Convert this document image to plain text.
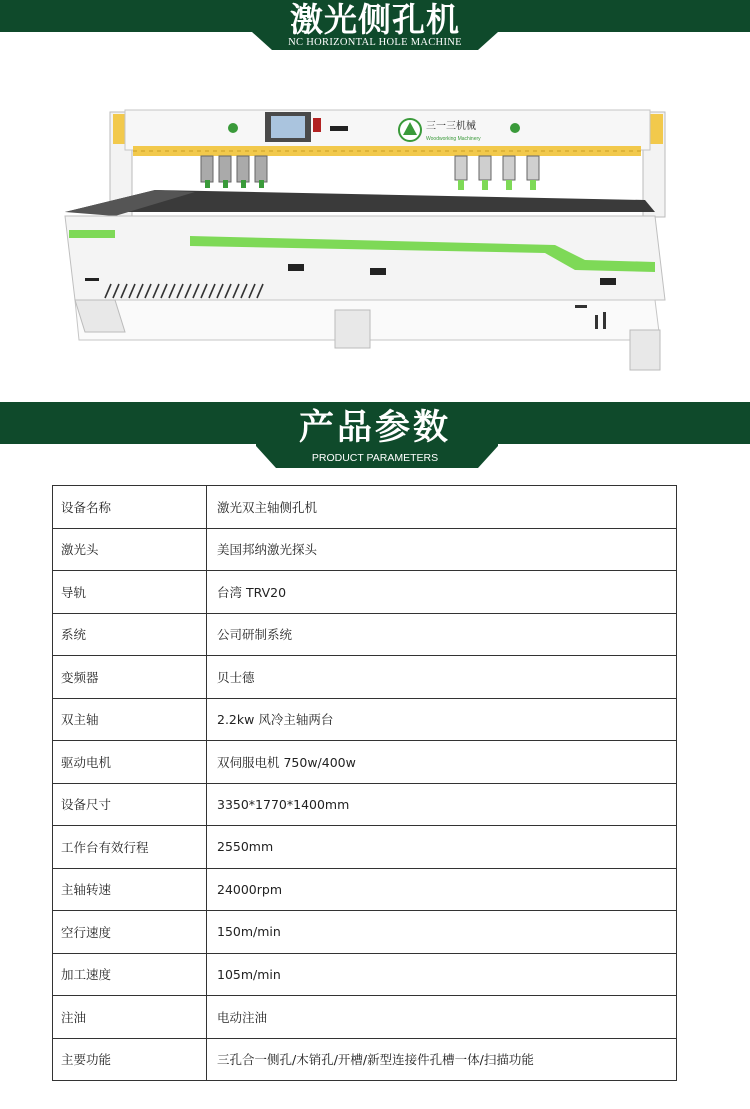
激光侧孔机
NC HORIZONTAL HOLE MACHINE
三一三机械
Woodworking Machinery
产品参数
PRODUCT PARAMETERS
设备名称	激光双主轴侧孔机
激光头	美国邦纳激光探头
导轨	台湾 TRV20
系统	公司研制系统
变频器	贝士德
双主轴	2.2kw 风冷主轴两台
驱动电机	双伺服电机 750w/400w
设备尺寸	3350*1770*1400mm
工作台有效行程	2550mm
主轴转速	24000rpm
空行速度	150m/min
加工速度	105m/min
注油	电动注油
主要功能	三孔合一侧孔/木销孔/开槽/新型连接件孔槽一体/扫描功能
